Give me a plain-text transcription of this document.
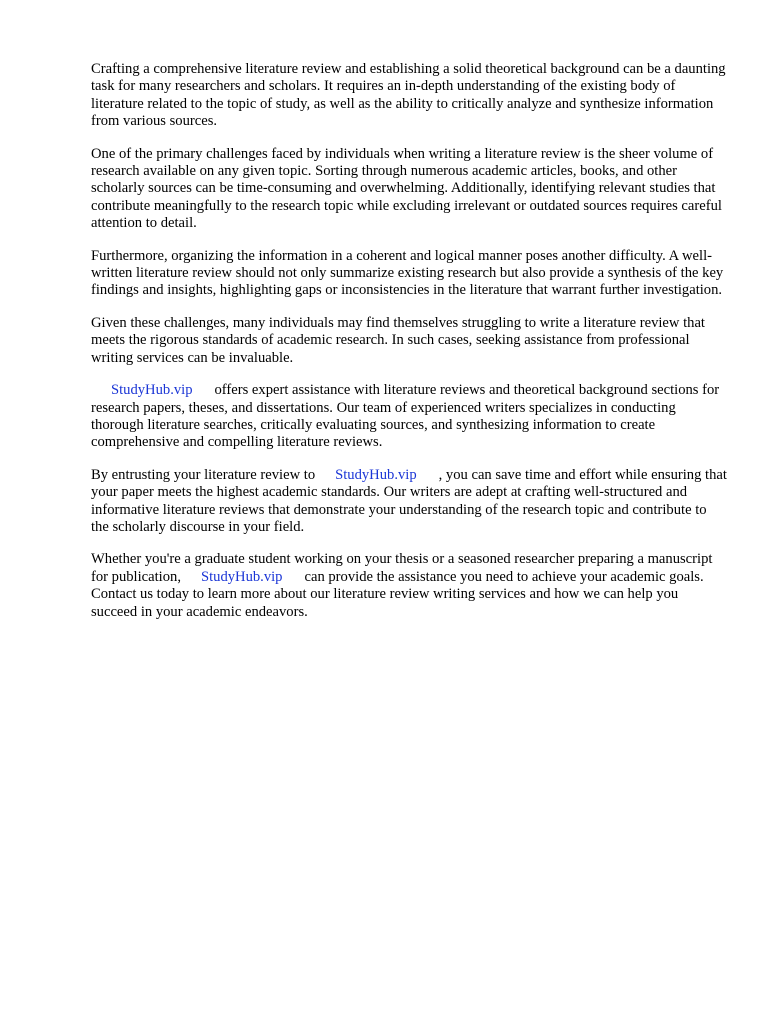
Crafting a comprehensive literature review and establishing a solid theoretical background can be a daunting task for many researchers and scholars. It requires an in-depth understanding of the existing body of literature related to the topic of study, as well as the ability to critically analyze and synthesize information from various sources.

One of the primary challenges faced by individuals when writing a literature review is the sheer volume of research available on any given topic. Sorting through numerous academic articles, books, and other scholarly sources can be time-consuming and overwhelming. Additionally, identifying relevant studies that contribute meaningfully to the research topic while excluding irrelevant or outdated sources requires careful attention to detail.

Furthermore, organizing the information in a coherent and logical manner poses another difficulty. A well-written literature review should not only summarize existing research but also provide a synthesis of the key findings and insights, highlighting gaps or inconsistencies in the literature that warrant further investigation.

Given these challenges, many individuals may find themselves struggling to write a literature review that meets the rigorous standards of academic research. In such cases, seeking assistance from professional writing services can be invaluable.

StudyHub.vip offers expert assistance with literature reviews and theoretical background sections for research papers, theses, and dissertations. Our team of experienced writers specializes in conducting thorough literature searches, critically evaluating sources, and synthesizing information to create comprehensive and compelling literature reviews.

By entrusting your literature review to StudyHub.vip , you can save time and effort while ensuring that your paper meets the highest academic standards. Our writers are adept at crafting well-structured and informative literature reviews that demonstrate your understanding of the research topic and contribute to the scholarly discourse in your field.

Whether you're a graduate student working on your thesis or a seasoned researcher preparing a manuscript for publication, StudyHub.vip can provide the assistance you need to achieve your academic goals. Contact us today to learn more about our literature review writing services and how we can help you succeed in your academic endeavors.
